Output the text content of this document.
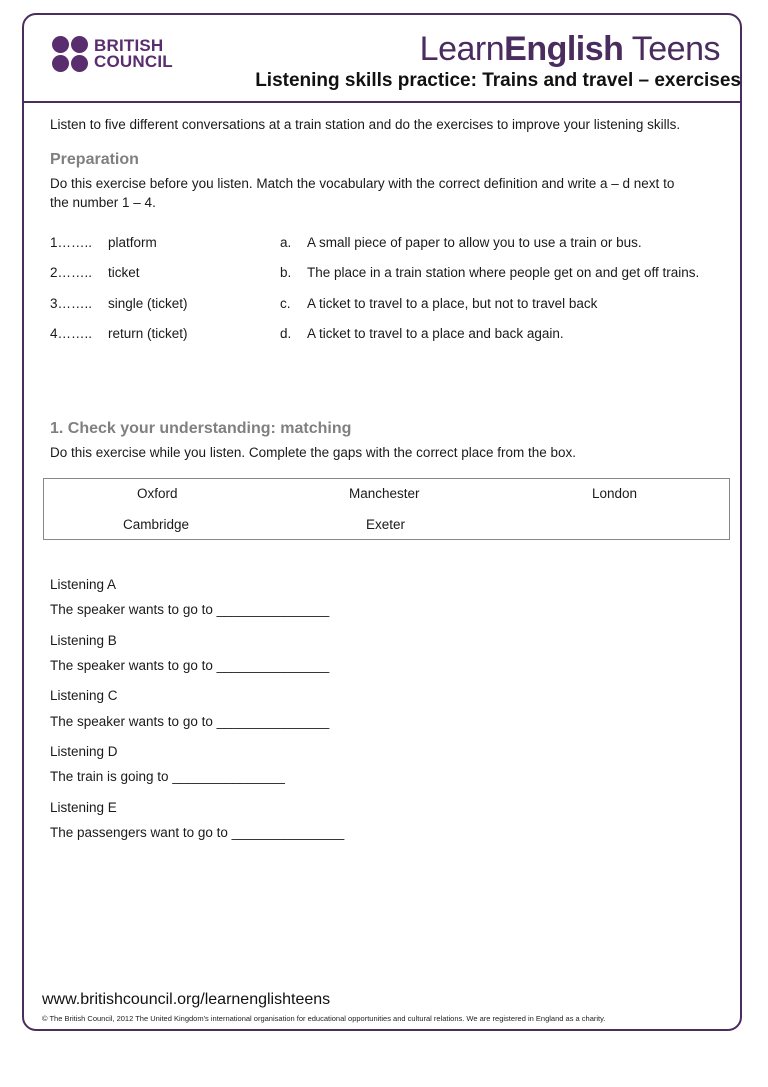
BRITISH
COUNCIL	LearnEnglish Teens
Listening skills practice: Trains and travel – exercises
Listen to five different conversations at a train station and do the exercises to improve your listening skills.
Preparation
Do this exercise before you listen. Match the vocabulary with the correct definition and write a – d next to
the number 1 – 4.
1…….. platform	a. A small piece of paper to allow you to use a train or bus.
2…….. ticket	b. The place in a train station where people get on and get off trains.
3…….. single (ticket)	c. A ticket to travel to a place, but not to travel back
4…….. return (ticket)	d. A ticket to travel to a place and back again.
1. Check your understanding: matching
Do this exercise while you listen. Complete the gaps with the correct place from the box.
Oxford	Manchester	London
Cambridge	Exeter
Listening A
The speaker wants to go to _______________
Listening B
The speaker wants to go to _______________
Listening C
The speaker wants to go to _______________
Listening D
The train is going to _______________
Listening E
The passengers want to go to _______________
www.britishcouncil.org/learnenglishteens
© The British Council, 2012 The United Kingdom's international organisation for educational opportunities and cultural relations. We are registered in England as a charity.
